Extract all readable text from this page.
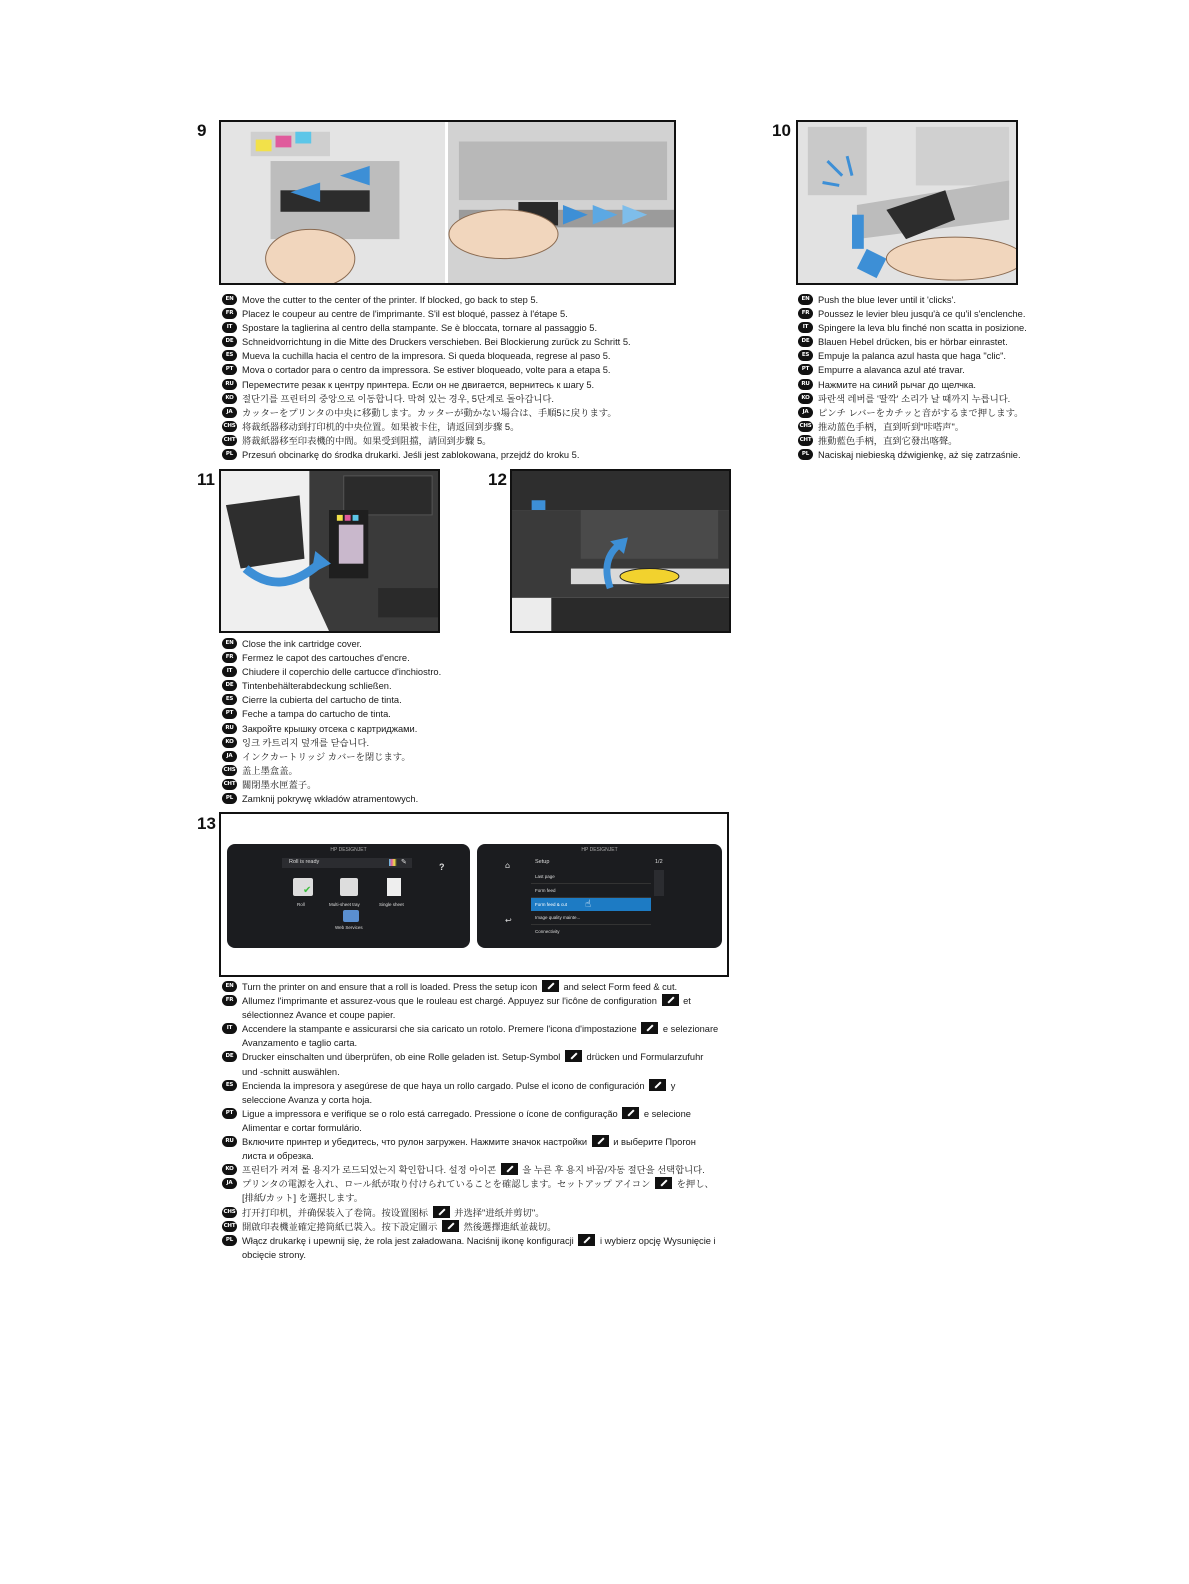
9
EN Move the cutter to the center of the printer. If blocked, go back to step 5.
FR Placez le coupeur au centre de l'imprimante. S'il est bloqué, passez à l'étape 5.
IT	Spostare la taglierina al centro della stampante. Se è bloccata, tornare al passaggio 5.
DE Schneidvorrichtung in die Mitte des Druckers verschieben. Bei Blockierung zurück zu Schritt 5.
ES Mueva la cuchilla hacia el centro de la impresora. Si queda bloqueada, regrese al paso 5.
PT Mova o cortador para o centro da impressora. Se estiver bloqueado, volte para a etapa 5.
RU Переместите резак к центру принтера. Если он не двигается, вернитесь к шагу 5.
KO 절단기를 프린터의 중앙으로 이동합니다. 막혀 있는 경우, 5단계로 돌아갑니다.
JA	カッターをプリンタの中央に移動します。カッターが動かない場合は、手順5に戻ります。
CHS 将裁纸器移动到打印机的中央位置。如果被卡住，请返回到步骤 5。
CHT 將裁紙器移至印表機的中間。如果受到阻擋，請回到步驟 5。
PL Przesuń obcinarkę do środka drukarki. Jeśli jest zablokowana, przejdź do kroku 5.
10
EN Push the blue lever until it 'clicks'.
FR Poussez le levier bleu jusqu'à ce qu'il s'enclenche.
IT	Spingere la leva blu finché non scatta in posizione.
DE Blauen Hebel drücken, bis er hörbar einrastet.
ES Empuje la palanca azul hasta que haga "clic".
PT Empurre a alavanca azul até travar.
RU Нажмите на синий рычаг до щелчка.
KO 파란색 레버를 '딸깍' 소리가 날 때까지 누릅니다.
JA	ピンチ レバーをカチッと音がするまで押します。
CHS 推动蓝色手柄，直到听到"咔嗒声"。
CHT 推動藍色手柄，直到它發出喀聲。
PL Naciskaj niebieską dźwigienkę, aż się zatrzaśnie.
11
EN Close the ink cartridge cover.
FR Fermez le capot des cartouches d'encre.
IT	Chiudere il coperchio delle cartucce d'inchiostro.
DE Tintenbehälterabdeckung schließen.
ES Cierre la cubierta del cartucho de tinta.
PT Feche a tampa do cartucho de tinta.
RU Закройте крышку отсека с картриджами.
KO 잉크 카트리지 덮개를 닫습니다.
JA	インクカートリッジ カバーを閉じます。
CHS 盖上墨盒盖。
CHT 關閉墨水匣蓋子。
PL Zamknij pokrywę wkładów atramentowych.
12
13
HP DESIGNJET
Roll is ready	✎	?
✔
Roll	Multi-sheet tray	Single sheet
Web Services
HP DESIGNJET
⌂
↩
Setup	1/2
Last page
Form feed
Form feed & cut
Image quality mainte...
Connectivity
☝
EN Turn the printer on and ensure that a roll is loaded. Press the setup icon	and select Form feed & cut.
FR Allumez l'imprimante et assurez-vous que le rouleau est chargé. Appuyez sur l'icône de configuration	et sélectionnez Avance et coupe papier.
IT	Accendere la stampante e assicurarsi che sia caricato un rotolo. Premere l'icona d'impostazione	e selezionare Avanzamento e taglio carta.
DE Drucker einschalten und überprüfen, ob eine Rolle geladen ist. Setup-Symbol	drücken und Formularzufuhr und -schnitt auswählen.
ES Encienda la impresora y asegúrese de que haya un rollo cargado. Pulse el icono de configuración	y seleccione Avanza y corta hoja.
PT Ligue a impressora e verifique se o rolo está carregado. Pressione o ícone de configuração	e selecione Alimentar e cortar formulário.
RU Включите принтер и убедитесь, что рулон загружен. Нажмите значок настройки	и выберите Прогон листа и обрезка.
KO 프린터가 켜져 롤 용지가 로드되었는지 확인합니다. 설정 아이콘	을 누른 후 용지 바꿈/자동 절단을 선택합니다.
JA	プリンタの電源を入れ、ロール紙が取り付けられていることを確認します。セットアップ アイコン	を押し、[排紙/カット] を選択します。
CHS 打开打印机，并确保装入了卷筒。按设置图标	并选择"进纸并剪切"。
CHT 開啟印表機並確定捲筒紙已裝入。按下設定圖示	然後選擇進紙並裁切。
PL Włącz drukarkę i upewnij się, że rola jest załadowana. Naciśnij ikonę konfiguracji	i wybierz opcję Wysunięcie i obcięcie strony.
